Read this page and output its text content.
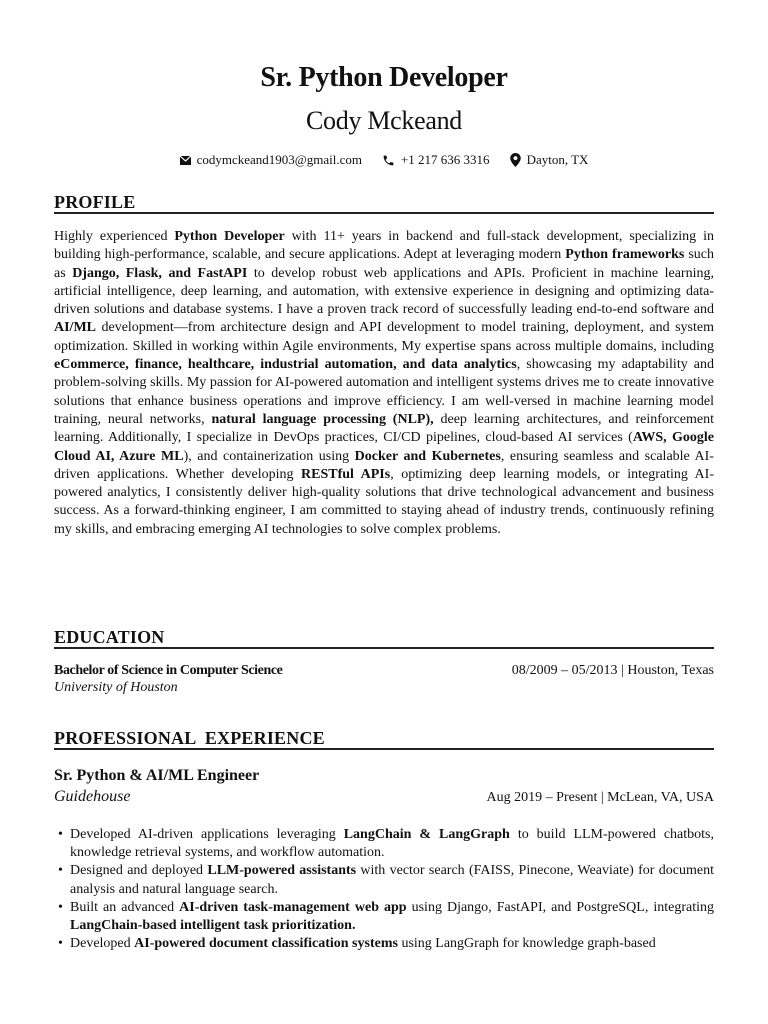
Sr. Python Developer
Cody Mckeand
codymckeand1903@gmail.com	+1 217 636 3316	Dayton, TX
PROFILE
Highly experienced Python Developer with 11+ years in backend and full-stack development, specializing in building high-performance, scalable, and secure applications. Adept at leveraging modern Python frameworks such as Django, Flask, and FastAPI to develop robust web applications and APIs. Proficient in machine learning, artificial intelligence, deep learning, and automation, with extensive experience in designing and optimizing data-driven solutions and database systems. I have a proven track record of successfully leading end-to-end software and AI/ML development—from architecture design and API development to model training, deployment, and system optimization. Skilled in working within Agile environments, My expertise spans across multiple domains, including eCommerce, finance, healthcare, industrial automation, and data analytics, showcasing my adaptability and problem-solving skills. My passion for AI-powered automation and intelligent systems drives me to create innovative solutions that enhance business operations and improve efficiency. I am well-versed in machine learning model training, neural networks, natural language processing (NLP), deep learning architectures, and reinforcement learning. Additionally, I specialize in DevOps practices, CI/CD pipelines, cloud-based AI services (AWS, Google Cloud AI, Azure ML), and containerization using Docker and Kubernetes, ensuring seamless and scalable AI-driven applications. Whether developing RESTful APIs, optimizing deep learning models, or integrating AI-powered analytics, I consistently deliver high-quality solutions that drive technological advancement and business success. As a forward-thinking engineer, I am committed to staying ahead of industry trends, continuously refining my skills, and embracing emerging AI technologies to solve complex problems.
EDUCATION
Bachelor of Science in Computer Science	08/2009 – 05/2013 | Houston, Texas
University of Houston
PROFESSIONAL  EXPERIENCE
Sr. Python & AI/ML Engineer
Guidehouse	Aug 2019 – Present | McLean, VA, USA
• Developed AI-driven applications leveraging LangChain & LangGraph to build LLM-powered chatbots, knowledge retrieval systems, and workflow automation.
• Designed and deployed LLM-powered assistants with vector search (FAISS, Pinecone, Weaviate) for document analysis and natural language search.
• Built an advanced AI-driven task-management web app using Django, FastAPI, and PostgreSQL, integrating LangChain-based intelligent task prioritization.
• Developed AI-powered document classification systems using LangGraph for knowledge graph-based
